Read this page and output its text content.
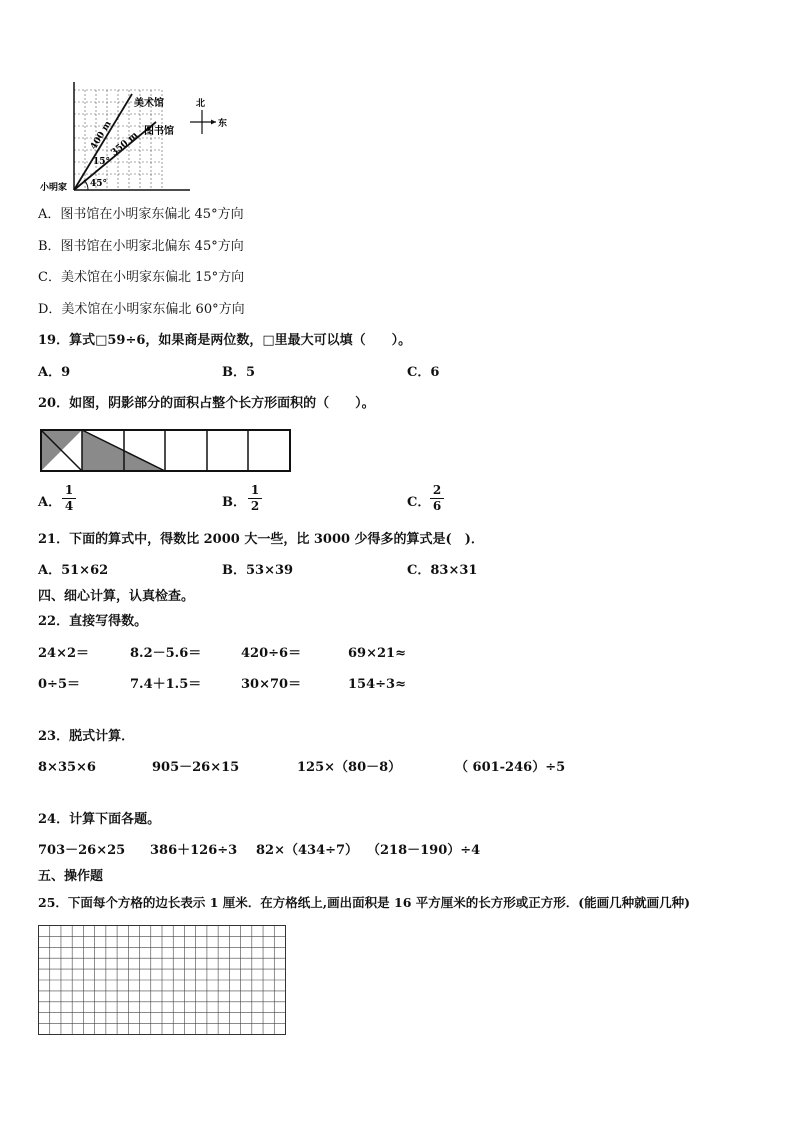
美术馆
图书馆
400 m
350 m
15°
45°
小明家
北
东
A．图书馆在小明家东偏北 45°方向
B．图书馆在小明家北偏东 45°方向
C．美术馆在小明家东偏北 15°方向
D．美术馆在小明家东偏北 60°方向
19．算式□59÷6，如果商是两位数，□里最大可以填（　　）。
A．9	B．5	C．6
20．如图，阴影部分的面积占整个长方形面积的（　　）。
A．
1
4	B．
1
2	C．
2
6
21．下面的算式中，得数比 2000 大一些，比 3000 少得多的算式是(　)．
A．51×62	B．53×39	C．83×31
四、细心计算，认真检查。
22．直接写得数。
24×2＝	8.2－5.6＝	420÷6＝	69×21≈
0÷5＝	7.4＋1.5＝	30×70＝	154÷3≈
23．脱式计算．
8×35×6	905－26×15	125×（80－8）	（ 601-246）÷5
24．计算下面各题。
703－26×25 386＋126÷3 82×（434÷7） （218－190）÷4
五、操作题
25．下面每个方格的边长表示 1 厘米．在方格纸上,画出面积是 16 平方厘米的长方形或正方形．(能画几种就画几种)
